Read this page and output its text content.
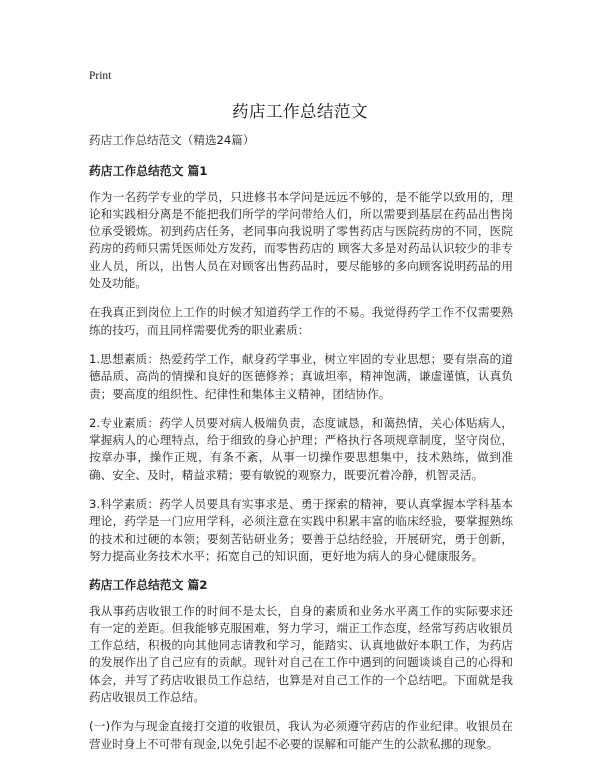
Print
药店工作总结范文

药店工作总结范文（精选24篇）

药店工作总结范文 篇1

作为一名药学专业的学员，只进修书本学问是远远不够的，是不能学以致用的，理论和实践相分离是不能把我们所学的学问带给人们，所以需要到基层在药品出售岗位承受锻炼。初到药店任务，老同事向我说明了零售药店与医院药房的不同，医院药房的药师只需凭医师处方发药，而零售药店的 顾客大多是对药品认识较少的非专业人员，所以，出售人员在对顾客出售药品时，要尽能够的多向顾客说明药品的用处及功能。

在我真正到岗位上工作的时候才知道药学工作的不易。我觉得药学工作不仅需要熟练的技巧，而且同样需要优秀的职业素质：

1.思想素质：热爱药学工作，献身药学事业，树立牢固的专业思想；要有崇高的道德品质、高尚的情操和良好的医德修养；真诚坦率，精神饱满，谦虚谨慎，认真负责；要高度的组织性、纪律性和集体主义精神，团结协作。

2.专业素质：药学人员要对病人极端负责，态度诚恳，和蔼热情，关心体贴病人，掌握病人的心理特点，给于细致的身心护理；严格执行各项规章制度，坚守岗位，按章办事，操作正规，有条不紊，从事一切操作要思想集中，技术熟练，做到准确、安全、及时，精益求精；要有敏锐的观察力，既要沉着冷静，机智灵活。

3.科学素质：药学人员要具有实事求是、勇于探索的精神，要认真掌握本学科基本理论，药学是一门应用学科，必须注意在实践中积累丰富的临床经验，要掌握熟练的技术和过硬的本领；要刻苦钻研业务；要善于总结经验，开展研究，勇于创新，努力提高业务技术水平；拓宽自己的知识面，更好地为病人的身心健康服务。

药店工作总结范文 篇2

我从事药店收银工作的时间不是太长，自身的素质和业务水平离工作的实际要求还有一定的差距。但我能够克服困难，努力学习，端正工作态度，经常写药店收银员工作总结，积极的向其他同志请教和学习，能踏实、认真地做好本职工作，为药店的发展作出了自己应有的贡献。现针对自己在工作中遇到的问题谈谈自己的心得和体会，并写了药店收银员工作总结，也算是对自己工作的一个总结吧。下面就是我药店收银员工作总结。

(一)作为与现金直接打交道的收银员，我认为必须遵守药店的作业纪律。收银员在营业时身上不可带有现金,以免引起不必要的误解和可能产生的公款私挪的现象。
